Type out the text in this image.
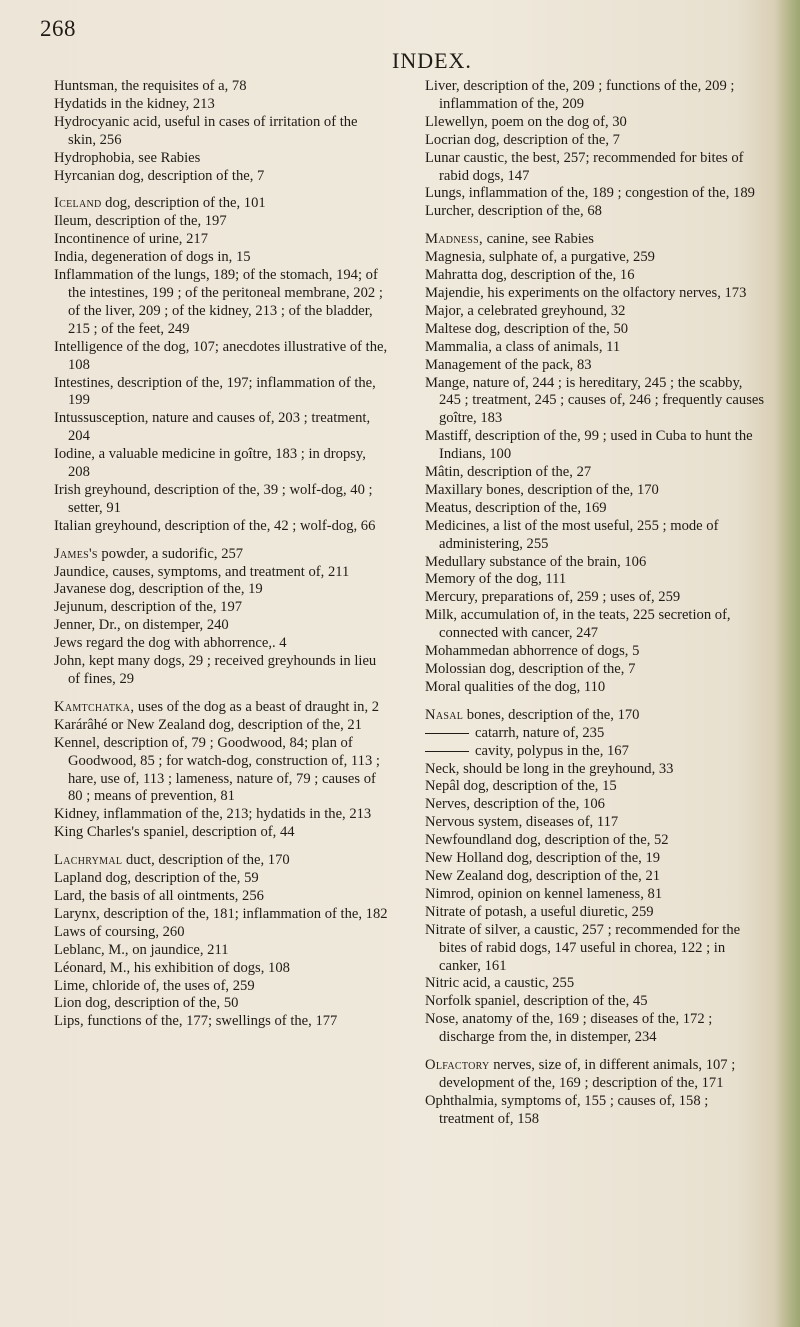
268
INDEX.
Huntsman, the requisites of a, 78
Hydatids in the kidney, 213
Hydrocyanic acid, useful in cases of irritation of the skin, 256
Hydrophobia, see Rabies
Hyrcanian dog, description of the, 7
Iceland dog, description of the, 101
Ileum, description of the, 197
Incontinence of urine, 217
India, degeneration of dogs in, 15
Inflammation of the lungs, 189; of the stomach, 194; of the intestines, 199 ; of the peritoneal membrane, 202 ; of the liver, 209 ; of the kidney, 213 ; of the bladder, 215 ; of the feet, 249
Intelligence of the dog, 107; anecdotes illustrative of the, 108
Intestines, description of the, 197; inflammation of the, 199
Intussusception, nature and causes of, 203 ; treatment, 204
Iodine, a valuable medicine in goître, 183 ; in dropsy, 208
Irish greyhound, description of the, 39 ; wolf-dog, 40 ; setter, 91
Italian greyhound, description of the, 42 ; wolf-dog, 66
James's powder, a sudorific, 257
Jaundice, causes, symptoms, and treatment of, 211
Javanese dog, description of the, 19
Jejunum, description of the, 197
Jenner, Dr., on distemper, 240
Jews regard the dog with abhorrence,. 4
John, kept many dogs, 29 ; received greyhounds in lieu of fines, 29
Kamtchatka, uses of the dog as a beast of draught in, 2
Karárâhé or New Zealand dog, description of the, 21
Kennel, description of, 79 ; Goodwood, 84; plan of Goodwood, 85 ; for watch-dog, construction of, 113 ; hare, use of, 113 ; lameness, nature of, 79 ; causes of 80 ; means of prevention, 81
Kidney, inflammation of the, 213; hydatids in the, 213
King Charles's spaniel, description of, 44
Lachrymal duct, description of the, 170
Lapland dog, description of the, 59
Lard, the basis of all ointments, 256
Larynx, description of the, 181; inflammation of the, 182
Laws of coursing, 260
Leblanc, M., on jaundice, 211
Léonard, M., his exhibition of dogs, 108
Lime, chloride of, the uses of, 259
Lion dog, description of the, 50
Lips, functions of the, 177; swellings of the, 177
Liver, description of the, 209 ; functions of the, 209 ; inflammation of the, 209
Llewellyn, poem on the dog of, 30
Locrian dog, description of the, 7
Lunar caustic, the best, 257; recommended for bites of rabid dogs, 147
Lungs, inflammation of the, 189 ; congestion of the, 189
Lurcher, description of the, 68
Madness, canine, see Rabies
Magnesia, sulphate of, a purgative, 259
Mahratta dog, description of the, 16
Majendie, his experiments on the olfactory nerves, 173
Major, a celebrated greyhound, 32
Maltese dog, description of the, 50
Mammalia, a class of animals, 11
Management of the pack, 83
Mange, nature of, 244 ; is hereditary, 245 ; the scabby, 245 ; treatment, 245 ; causes of, 246 ; frequently causes goître, 183
Mastiff, description of the, 99 ; used in Cuba to hunt the Indians, 100
Mâtin, description of the, 27
Maxillary bones, description of the, 170
Meatus, description of the, 169
Medicines, a list of the most useful, 255 ; mode of administering, 255
Medullary substance of the brain, 106
Memory of the dog, 111
Mercury, preparations of, 259 ; uses of, 259
Milk, accumulation of, in the teats, 225 secretion of, connected with cancer, 247
Mohammedan abhorrence of dogs, 5
Molossian dog, description of the, 7
Moral qualities of the dog, 110
Nasal bones, description of the, 170
catarrh, nature of, 235
cavity, polypus in the, 167
Neck, should be long in the greyhound, 33
Nepâl dog, description of the, 15
Nerves, description of the, 106
Nervous system, diseases of, 117
Newfoundland dog, description of the, 52
New Holland dog, description of the, 19
New Zealand dog, description of the, 21
Nimrod, opinion on kennel lameness, 81
Nitrate of potash, a useful diuretic, 259
Nitrate of silver, a caustic, 257 ; recommended for the bites of rabid dogs, 147 useful in chorea, 122 ; in canker, 161
Nitric acid, a caustic, 255
Norfolk spaniel, description of the, 45
Nose, anatomy of the, 169 ; diseases of the, 172 ; discharge from the, in distemper, 234
Olfactory nerves, size of, in different animals, 107 ; development of the, 169 ; description of the, 171
Ophthalmia, symptoms of, 155 ; causes of, 158 ; treatment of, 158
